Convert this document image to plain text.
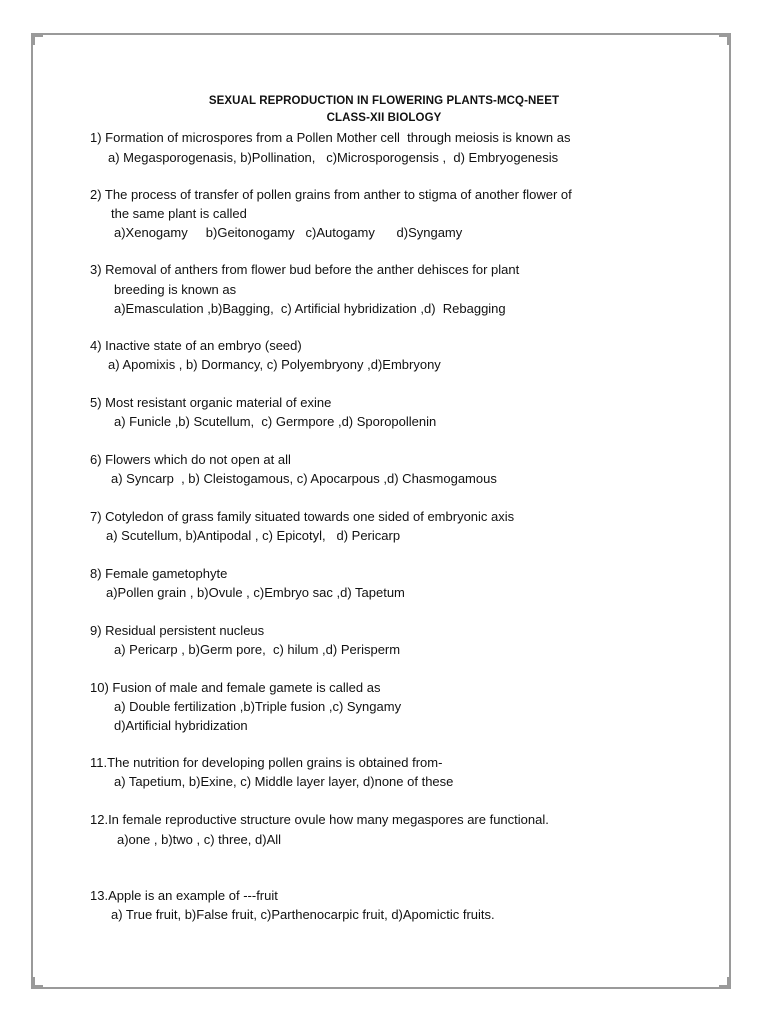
SEXUAL REPRODUCTION IN FLOWERING PLANTS-MCQ-NEET
CLASS-XII BIOLOGY
1) Formation of microspores from a Pollen Mother cell  through meiosis is known as
a) Megasporogenasis, b)Pollination,   c)Microsporogensis ,  d) Embryogenesis
2) The process of transfer of pollen grains from anther to stigma of another flower of
the same plant is called
a)Xenogamy     b)Geitonogamy   c)Autogamy      d)Syngamy
3) Removal of anthers from flower bud before the anther dehisces for plant
breeding is known as
a)Emasculation ,b)Bagging,  c) Artificial hybridization ,d)  Rebagging
4) Inactive state of an embryo (seed)
a) Apomixis , b) Dormancy, c) Polyembryony ,d)Embryony
5) Most resistant organic material of exine
a) Funicle ,b) Scutellum,  c) Germpore ,d) Sporopollenin
6) Flowers which do not open at all
a) Syncarp  , b) Cleistogamous, c) Apocarpous ,d) Chasmogamous
7) Cotyledon of grass family situated towards one sided of embryonic axis
a) Scutellum, b)Antipodal , c) Epicotyl,   d) Pericarp
8) Female gametophyte
a)Pollen grain , b)Ovule , c)Embryo sac ,d) Tapetum
9) Residual persistent nucleus
a) Pericarp , b)Germ pore,  c) hilum ,d) Perisperm
10) Fusion of male and female gamete is called as
a) Double fertilization ,b)Triple fusion ,c) Syngamy
d)Artificial hybridization
11.The nutrition for developing pollen grains is obtained from-
a) Tapetium, b)Exine, c) Middle layer layer, d)none of these
12.In female reproductive structure ovule how many megaspores are functional.
a)one , b)two , c) three, d)All
13.Apple is an example of ---fruit
a) True fruit, b)False fruit, c)Parthenocarpic fruit, d)Apomictic fruits.
